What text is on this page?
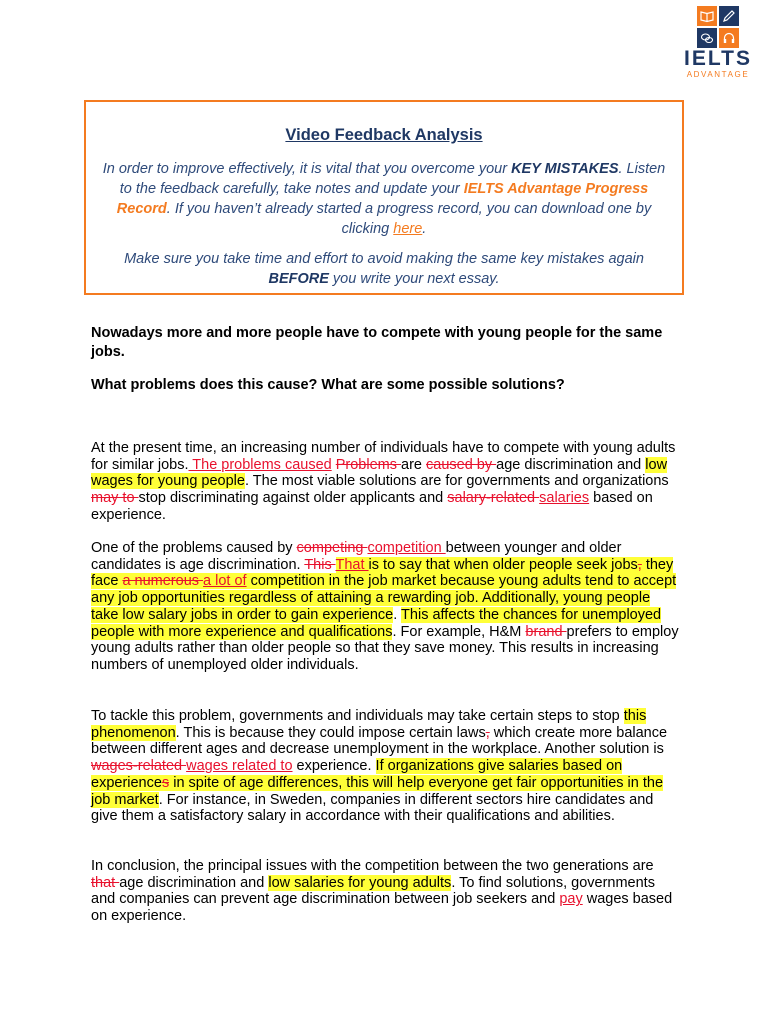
IELTS
ADVANTAGE
Video Feedback Analysis
In order to improve effectively, it is vital that you overcome your KEY MISTAKES. Listen to the feedback carefully, take notes and update your IELTS Advantage Progress Record. If you haven’t already started a progress record, you can download one by clicking here.
Make sure you take time and effort to avoid making the same key mistakes again BEFORE you write your next essay.

Nowadays more and more people have to compete with young people for the same jobs.

What problems does this cause? What are some possible solutions?

At the present time, an increasing number of individuals have to compete with young adults for similar jobs. The problems caused Problems are caused by age discrimination and low wages for young people. The most viable solutions are for governments and organizations may to stop discriminating against older applicants and salary-related salaries based on experience.

One of the problems caused by competing competition between younger and older candidates is age discrimination. This That is to say that when older people seek jobs, they face a numerous a lot of competition in the job market because young adults tend to accept any job opportunities regardless of attaining a rewarding job. Additionally, young people take low salary jobs in order to gain experience. This affects the chances for unemployed people with more experience and qualifications. For example, H&M brand prefers to employ young adults rather than older people so that they save money. This results in increasing numbers of unemployed older individuals.

To tackle this problem, governments and individuals may take certain steps to stop this phenomenon. This is because they could impose certain laws, which create more balance between different ages and decrease unemployment in the workplace. Another solution is wages-related wages related to experience. If organizations give salaries based on experiences in spite of age differences, this will help everyone get fair opportunities in the job market. For instance, in Sweden, companies in different sectors hire candidates and give them a satisfactory salary in accordance with their qualifications and abilities.

In conclusion, the principal issues with the competition between the two generations are that age discrimination and low salaries for young adults. To find solutions, governments and companies can prevent age discrimination between job seekers and pay wages based on experience.
